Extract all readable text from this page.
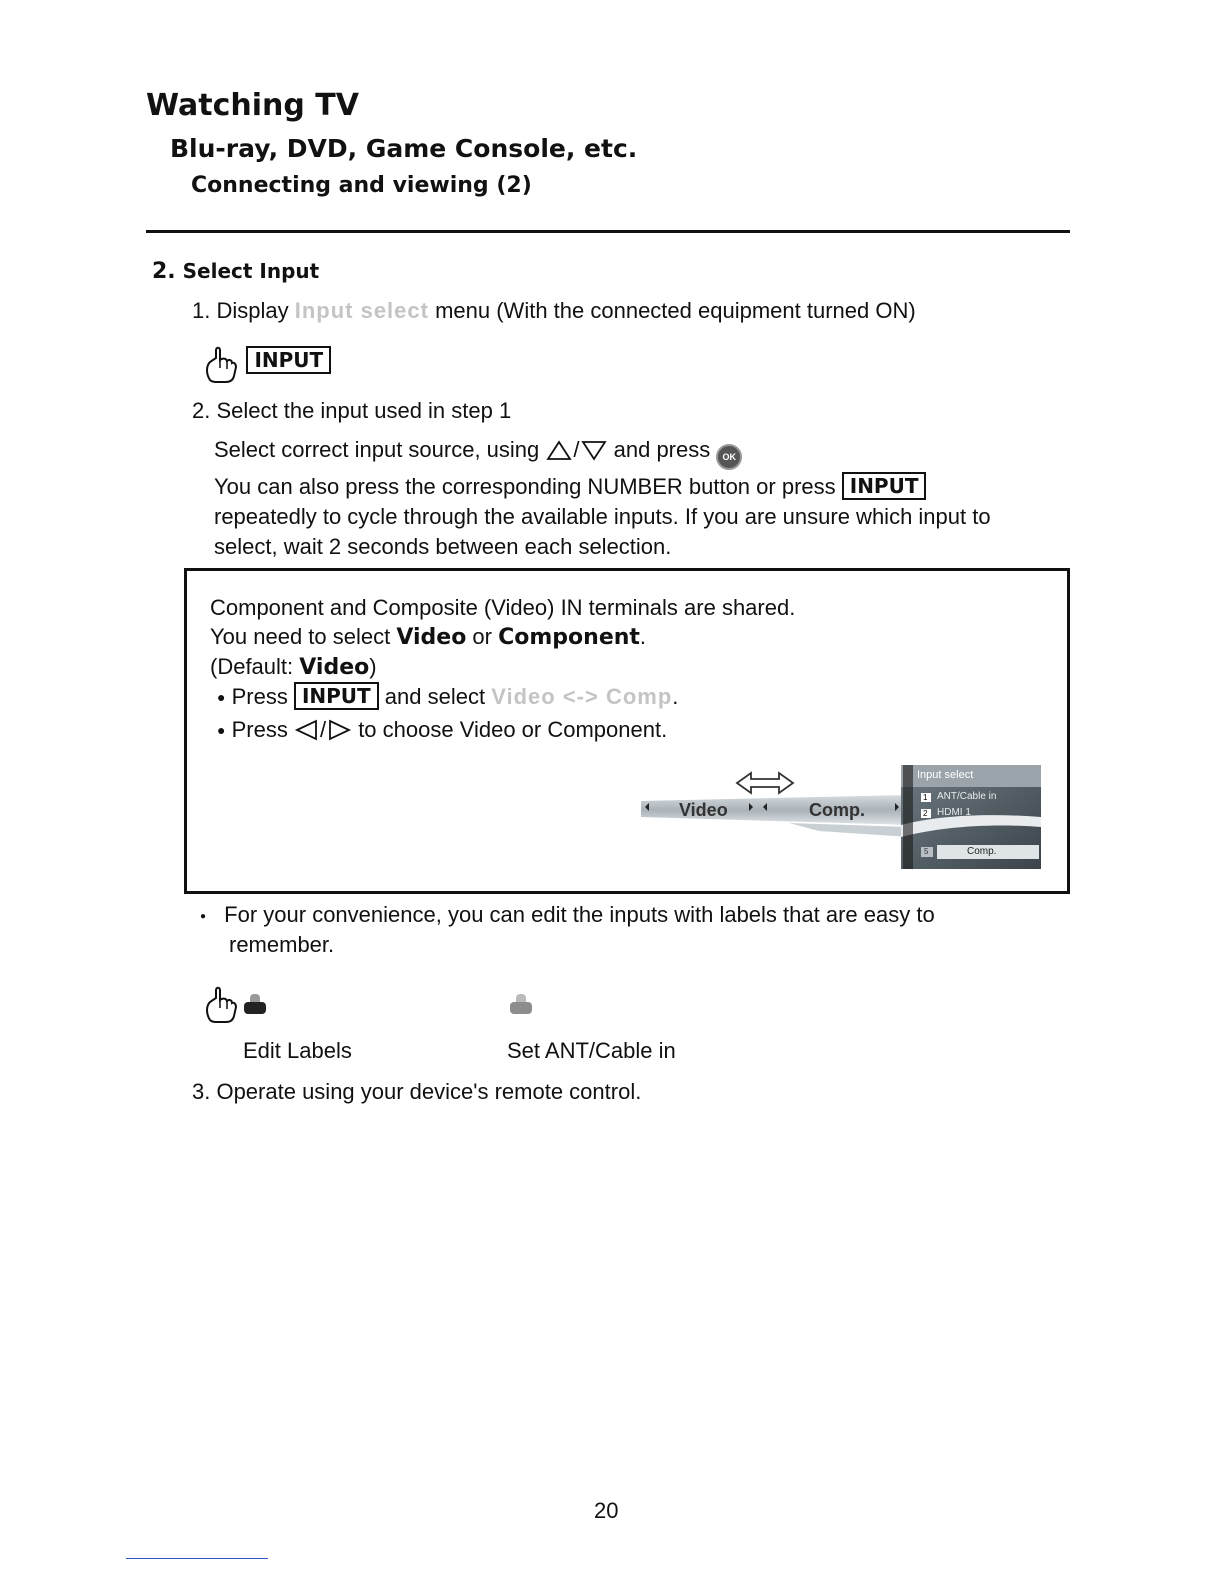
Watching TV
Blu-ray, DVD, Game Console, etc.
Connecting and viewing (2)
2. Select Input
1. Display Input select menu (With the connected equipment turned ON)
INPUT
2. Select the input used in step 1
Select correct input source, using / and press OK
You can also press the corresponding NUMBER button or press INPUT
repeatedly to cycle through the available inputs. If you are unsure which input to
select, wait 2 seconds between each selection.
Component and Composite (Video) IN terminals are shared.
You need to select Video or Component.
(Default: Video)
● Press INPUT and select Video <-> Comp.
● Press / to choose Video or Component.
Video	Comp.
Input select
1 ANT/Cable in
2 HDMI 1
5	Comp.
● For your convenience, you can edit the inputs with labels that are easy to
remember.
Edit Labels	Set ANT/Cable in
3. Operate using your device's remote control.
20
